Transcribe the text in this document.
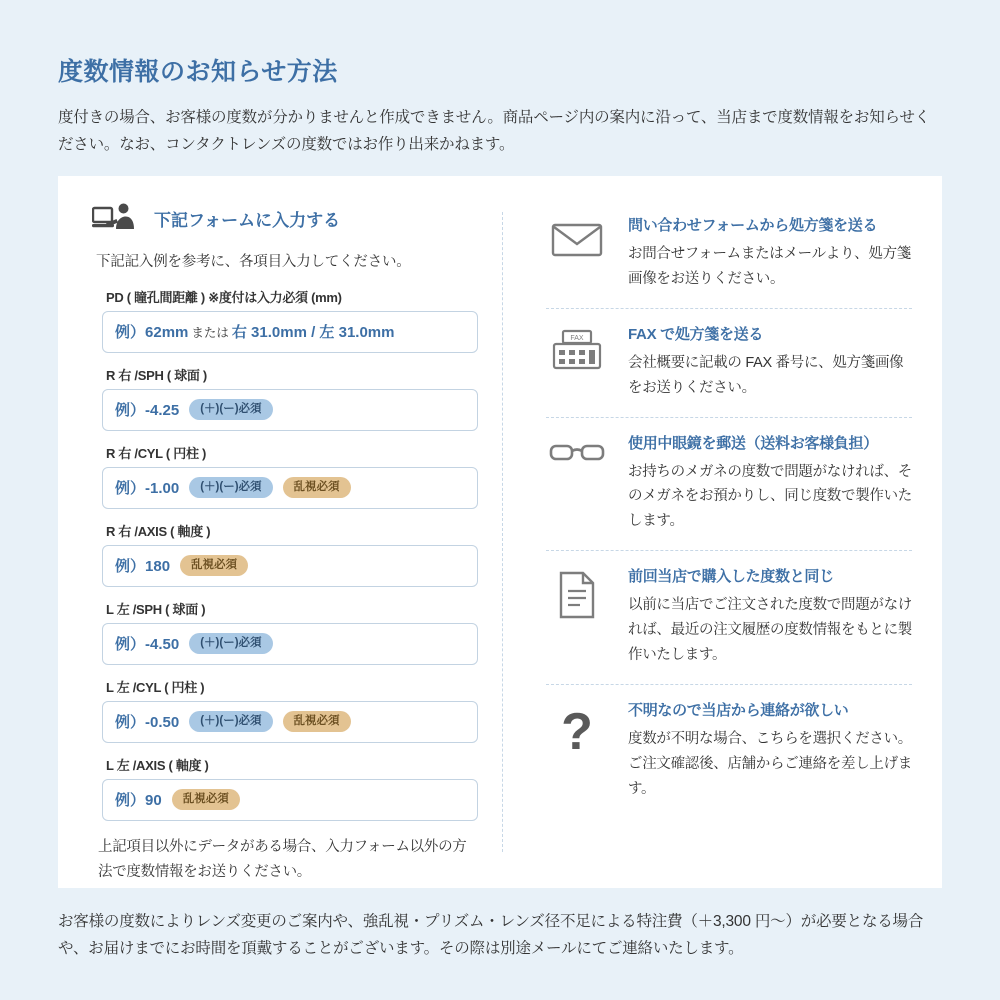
度数情報のお知らせ方法

度付きの場合、お客様の度数が分かりませんと作成できません。商品ページ内の案内に沿って、当店まで度数情報をお知らせください。なお、コンタクトレンズの度数ではお作り出来かねます。

下記フォームに入力する
下記記入例を参考に、各項目入力してください。
PD ( 瞳孔間距離 ) ※度付は入力必須 (mm)
例）62mm または 右 31.0mm / 左 31.0mm
R 右 /SPH ( 球面 )
例）-4.25	(＋)(ー)必須
R 右 /CYL ( 円柱 )
例）-1.00	(＋)(ー)必須	乱視必須
R 右 /AXIS ( 軸度 )
例）180	乱視必須
L 左 /SPH ( 球面 )
例）-4.50	(＋)(ー)必須
L 左 /CYL ( 円柱 )
例）-0.50	(＋)(ー)必須	乱視必須
L 左 /AXIS ( 軸度 )
例）90	乱視必須
上記項目以外にデータがある場合、入力フォーム以外の方法で度数情報をお送りください。
問い合わせフォームから処方箋を送る
お問合せフォームまたはメールより、処方箋画像をお送りください。
FAX	FAX で処方箋を送る
会社概要に記載の FAX 番号に、処方箋画像をお送りください。
使用中眼鏡を郵送（送料お客様負担）
お持ちのメガネの度数で問題がなければ、そのメガネをお預かりし、同じ度数で製作いたします。
前回当店で購入した度数と同じ
以前に当店でご注文された度数で問題がなければ、最近の注文履歴の度数情報をもとに製作いたします。
? 不明なので当店から連絡が欲しい
度数が不明な場合、こちらを選択ください。ご注文確認後、店舗からご連絡を差し上げます。

お客様の度数によりレンズ変更のご案内や、強乱視・プリズム・レンズ径不足による特注費（＋3,300 円〜）が必要となる場合や、お届けまでにお時間を頂戴することがございます。その際は別途メールにてご連絡いたします。
